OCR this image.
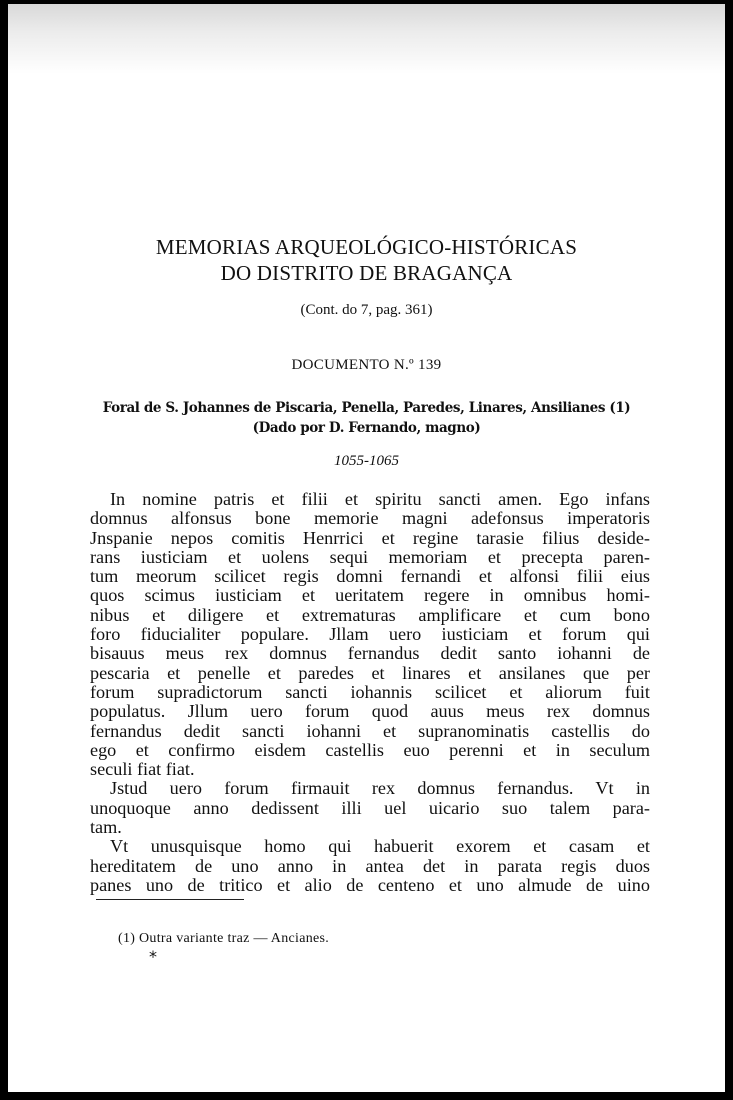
MEMORIAS ARQUEOLÓGICO-HISTÓRICAS
DO DISTRITO DE BRAGANÇA
(Cont. do 7, pag. 361)
DOCUMENTO N.º 139
Foral de S. Johannes de Piscaria, Penella, Paredes, Linares, Ansilianes (1)
(Dado por D. Fernando, magno)
1055-1065
In nomine patris et filii et spiritu sancti amen. Ego infans
domnus alfonsus bone memorie magni adefonsus imperatoris
Jnspanie nepos comitis Henrrici et regine tarasie filius deside-
rans iusticiam et uolens sequi memoriam et precepta paren-
tum meorum scilicet regis domni fernandi et alfonsi filii eius
quos scimus iusticiam et ueritatem regere in omnibus homi-
nibus et diligere et extrematuras amplificare et cum bono
foro fiducialiter populare. Jllam uero iusticiam et forum qui
bisauus meus rex domnus fernandus dedit santo iohanni de
pescaria et penelle et paredes et linares et ansilanes que per
forum supradictorum sancti iohannis scilicet et aliorum fuit
populatus. Jllum uero forum quod auus meus rex domnus
fernandus dedit sancti iohanni et supranominatis castellis do
ego et confirmo eisdem castellis euo perenni et in seculum
seculi fiat fiat.
Jstud uero forum firmauit rex domnus fernandus. Vt in
unoquoque anno dedissent illi uel uicario suo talem para-
tam.
Vt unusquisque homo qui habuerit exorem et casam et
hereditatem de uno anno in antea det in parata regis duos
panes uno de tritico et alio de centeno et uno almude de uino
(1) Outra variante traz — Ancianes.
*
